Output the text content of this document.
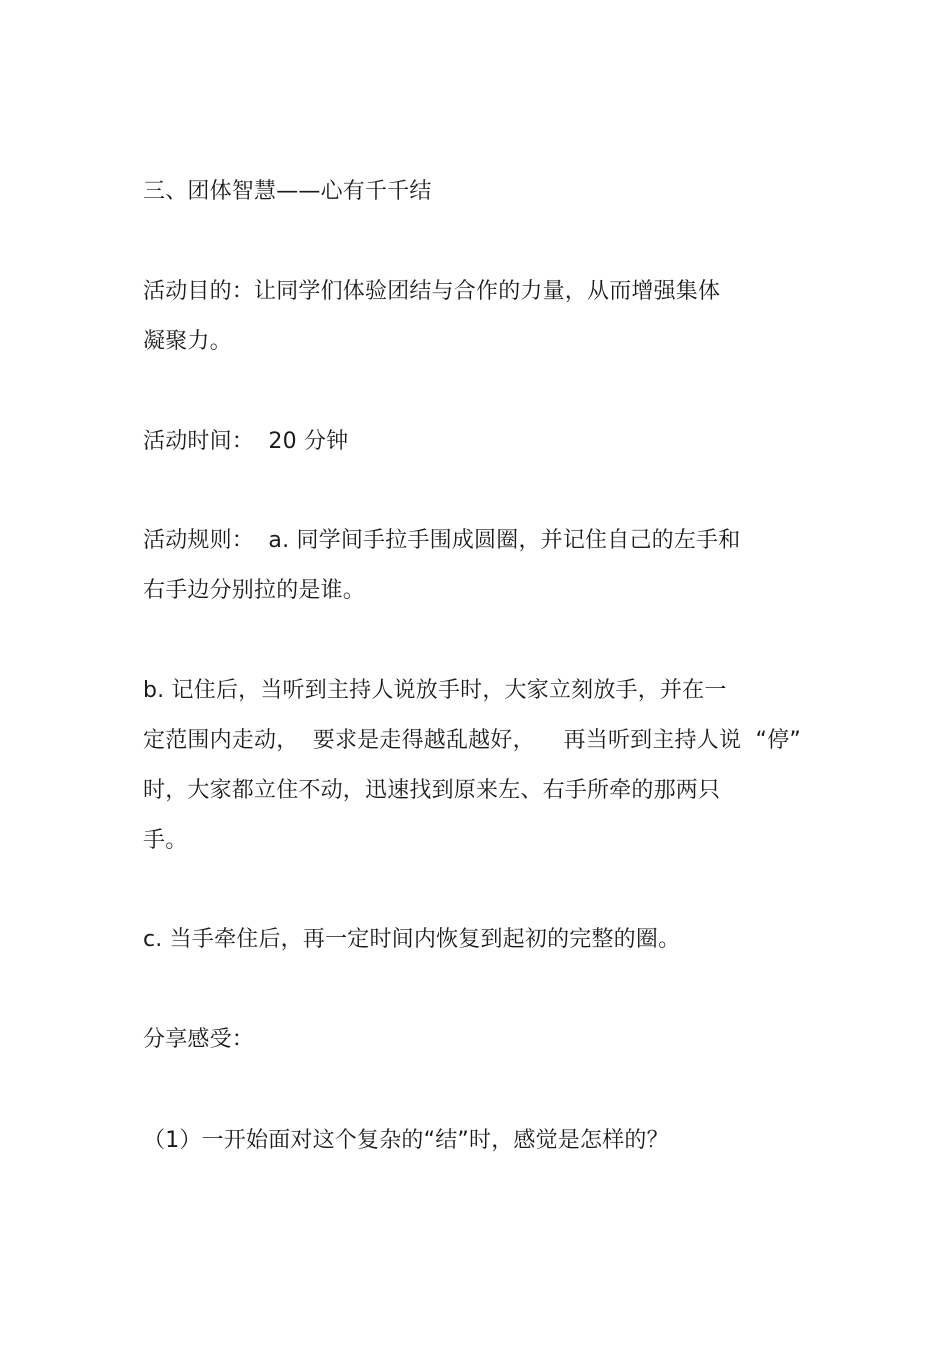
三、团体智慧——心有千千结
活动目的：让同学们体验团结与合作的力量，从而增强集体
凝聚力。
活动时间：  20 分钟
活动规则：  a. 同学间手拉手围成圆圈，并记住自己的左手和
右手边分别拉的是谁。
b. 记住后，当听到主持人说放手时，大家立刻放手，并在一
定范围内走动，  要求是走得越乱越好，    再当听到主持人说  “停”
时，大家都立住不动，迅速找到原来左、右手所牵的那两只
手。
c. 当手牵住后，再一定时间内恢复到起初的完整的圈。
分享感受：
（1）一开始面对这个复杂的“结”时，感觉是怎样的？
